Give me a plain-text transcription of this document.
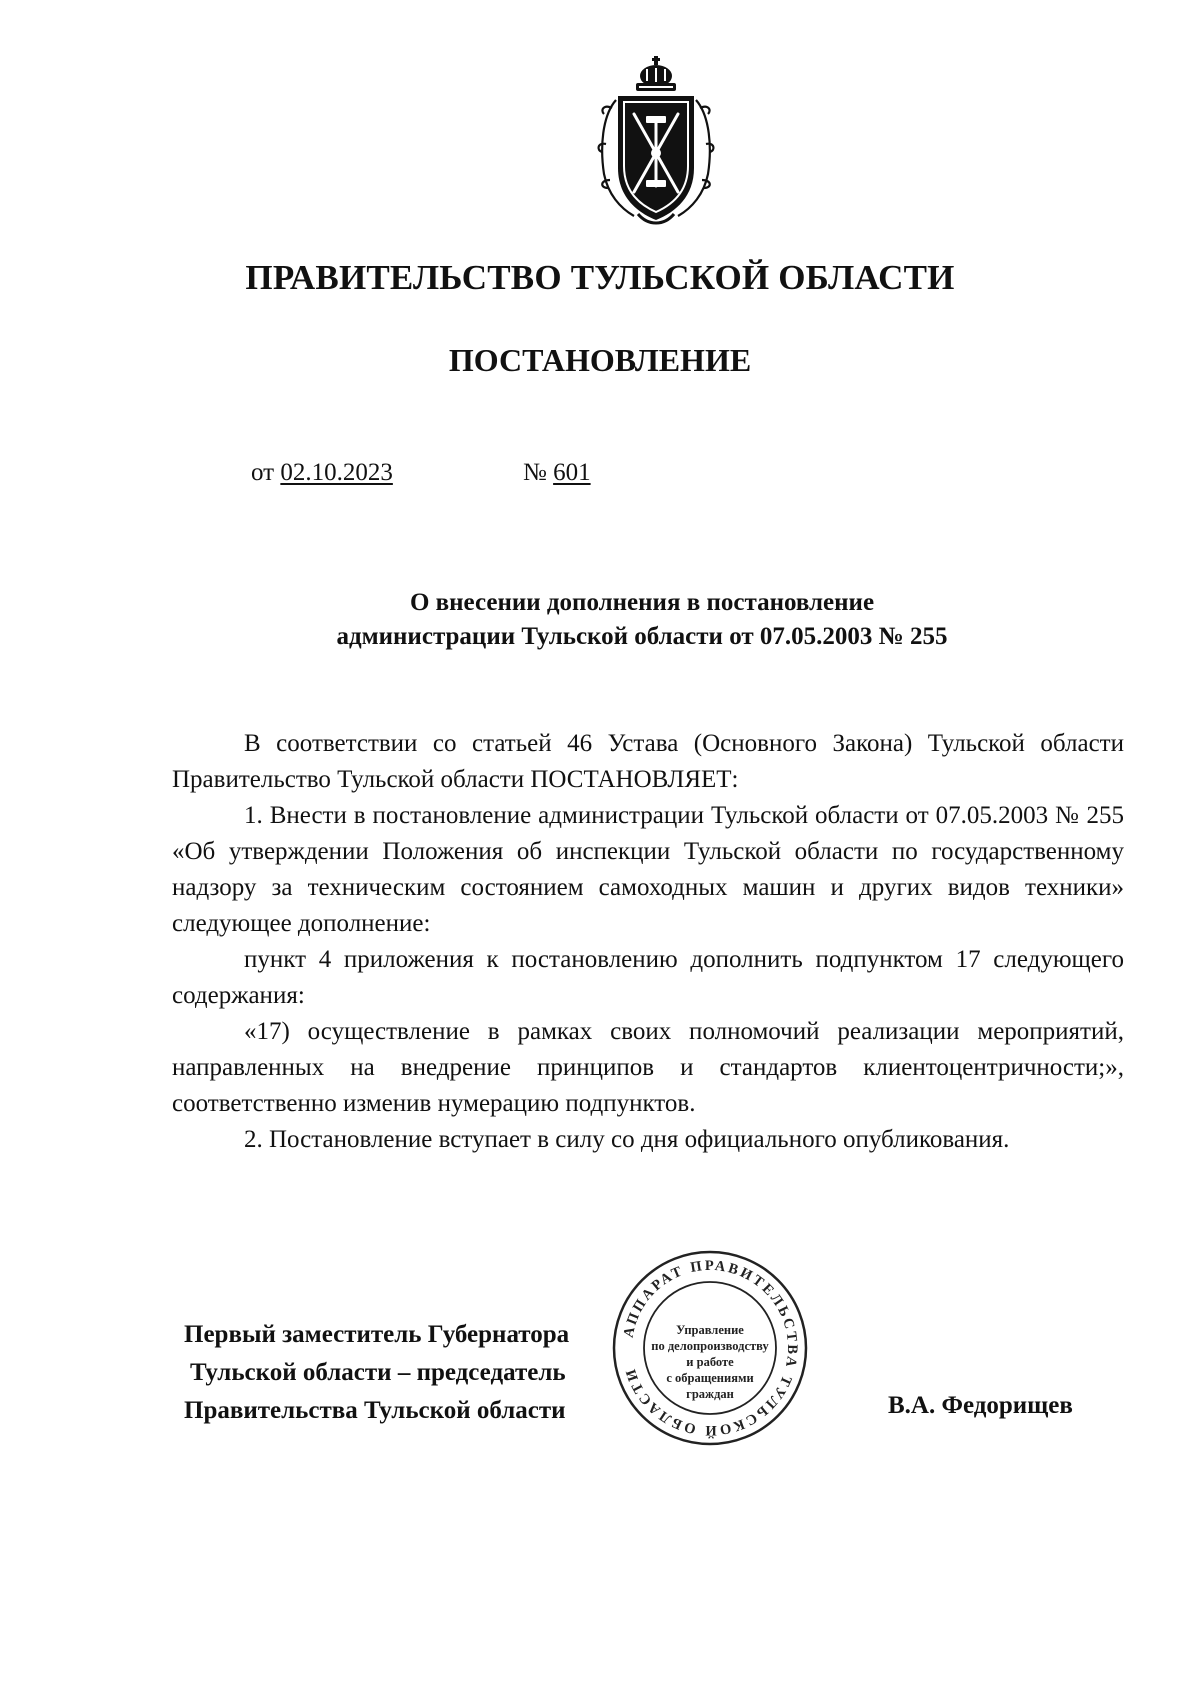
ПРАВИТЕЛЬСТВО ТУЛЬСКОЙ ОБЛАСТИ
ПОСТАНОВЛЕНИЕ
от 02.10.2023	№ 601
О внесении дополнения в постановление
администрации Тульской области от 07.05.2003 № 255

В соответствии со статьей 46 Устава (Основного Закона) Тульской области Правительство Тульской области ПОСТАНОВЛЯЕТ:

1. Внести в постановление администрации Тульской области от 07.05.2003 № 255 «Об утверждении Положения об инспекции Тульской области по государственному надзору за техническим состоянием самоходных машин и других видов техники» следующее дополнение:

пункт 4 приложения к постановлению дополнить подпунктом 17 следующего содержания:

«17) осуществление в рамках своих полномочий реализации мероприятий, направленных на внедрение принципов и стандартов клиентоцентричности;», соответственно изменив нумерацию подпунктов.

2. Постановление вступает в силу со дня официального опубликования.

АППАРАТ ПРАВИТЕЛЬСТВА ТУЛЬСКОЙ ОБЛАСТИ
Управление
по делопроизводству
и работе
с обращениями
граждан
Первый заместитель Губернатора
Тульской области – председатель
Правительства Тульской области	В.А. Федорищев
